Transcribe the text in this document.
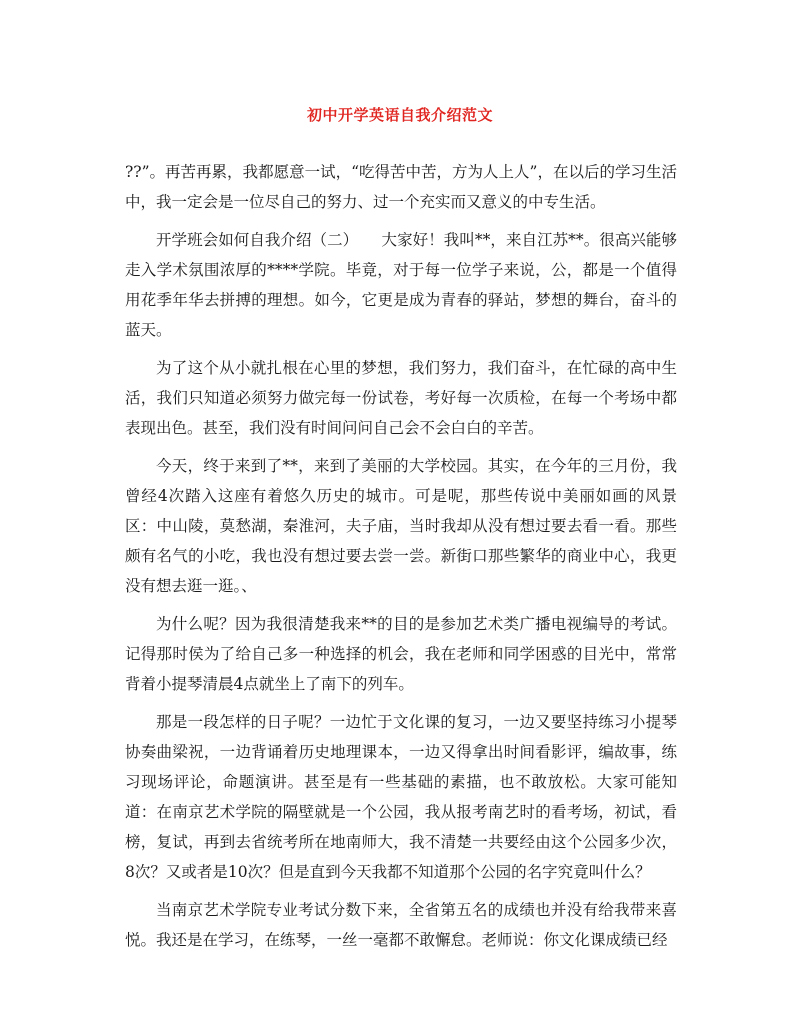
初中开学英语自我介绍范文

??”。再苦再累，我都愿意一试，“吃得苦中苦，方为人上人”，在以后的学习生活中，我一定会是一位尽自己的努力、过一个充实而又意义的中专生活。

开学班会如何自我介绍（二）　　大家好！我叫**，来自江苏**。很高兴能够走入学术氛围浓厚的****学院。毕竟，对于每一位学子来说，公，都是一个值得用花季年华去拼搏的理想。如今，它更是成为青春的驿站，梦想的舞台，奋斗的蓝天。

为了这个从小就扎根在心里的梦想，我们努力，我们奋斗，在忙碌的高中生活，我们只知道必须努力做完每一份试卷，考好每一次质检，在每一个考场中都表现出色。甚至，我们没有时间问问自己会不会白白的辛苦。

今天，终于来到了**，来到了美丽的大学校园。其实，在今年的三月份，我曾经4次踏入这座有着悠久历史的城市。可是呢，那些传说中美丽如画的风景区：中山陵，莫愁湖，秦淮河，夫子庙，当时我却从没有想过要去看一看。那些颇有名气的小吃，我也没有想过要去尝一尝。新街口那些繁华的商业中心，我更没有想去逛一逛。、

为什么呢？因为我很清楚我来**的目的是参加艺术类广播电视编导的考试。记得那时侯为了给自己多一种选择的机会，我在老师和同学困惑的目光中，常常背着小提琴清晨4点就坐上了南下的列车。

那是一段怎样的日子呢？一边忙于文化课的复习，一边又要坚持练习小提琴协奏曲梁祝，一边背诵着历史地理课本，一边又得拿出时间看影评，编故事，练习现场评论，命题演讲。甚至是有一些基础的素描，也不敢放松。大家可能知道：在南京艺术学院的隔壁就是一个公园，我从报考南艺时的看考场，初试，看榜，复试，再到去省统考所在地南师大，我不清楚一共要经由这个公园多少次，8次？又或者是10次？但是直到今天我都不知道那个公园的名字究竟叫什么？

当南京艺术学院专业考试分数下来，全省第五名的成绩也并没有给我带来喜悦。我还是在学习，在练琴，一丝一毫都不敢懈怠。老师说：你文化课成绩已经
